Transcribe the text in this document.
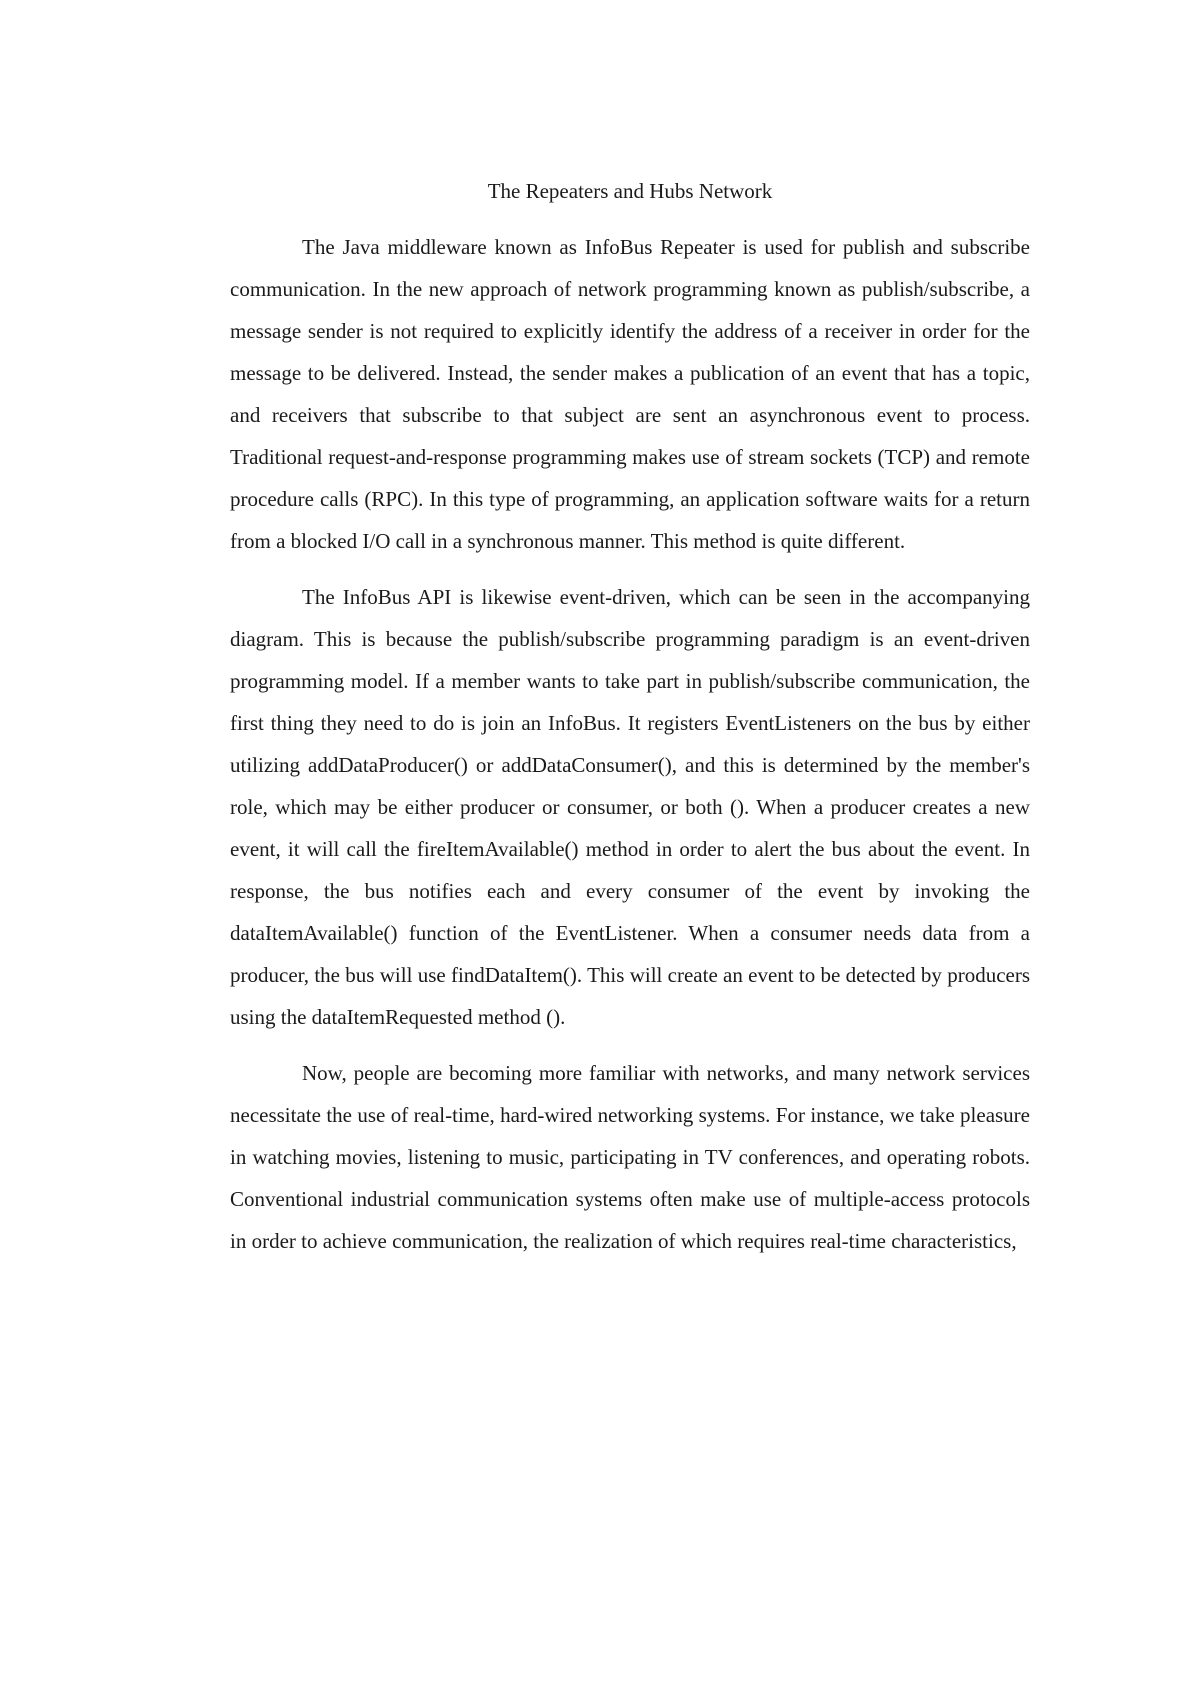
The Repeaters and Hubs Network

The Java middleware known as InfoBus Repeater is used for publish and subscribe communication. In the new approach of network programming known as publish/subscribe, a message sender is not required to explicitly identify the address of a receiver in order for the message to be delivered. Instead, the sender makes a publication of an event that has a topic, and receivers that subscribe to that subject are sent an asynchronous event to process. Traditional request-and-response programming makes use of stream sockets (TCP) and remote procedure calls (RPC). In this type of programming, an application software waits for a return from a blocked I/O call in a synchronous manner. This method is quite different.

The InfoBus API is likewise event-driven, which can be seen in the accompanying diagram. This is because the publish/subscribe programming paradigm is an event-driven programming model. If a member wants to take part in publish/subscribe communication, the first thing they need to do is join an InfoBus. It registers EventListeners on the bus by either utilizing addDataProducer() or addDataConsumer(), and this is determined by the member's role, which may be either producer or consumer, or both (). When a producer creates a new event, it will call the fireItemAvailable() method in order to alert the bus about the event. In response, the bus notifies each and every consumer of the event by invoking the dataItemAvailable() function of the EventListener. When a consumer needs data from a producer, the bus will use findDataItem(). This will create an event to be detected by producers using the dataItemRequested method ().

Now, people are becoming more familiar with networks, and many network services necessitate the use of real-time, hard-wired networking systems. For instance, we take pleasure in watching movies, listening to music, participating in TV conferences, and operating robots. Conventional industrial communication systems often make use of multiple-access protocols in order to achieve communication, the realization of which requires real-time characteristics,
